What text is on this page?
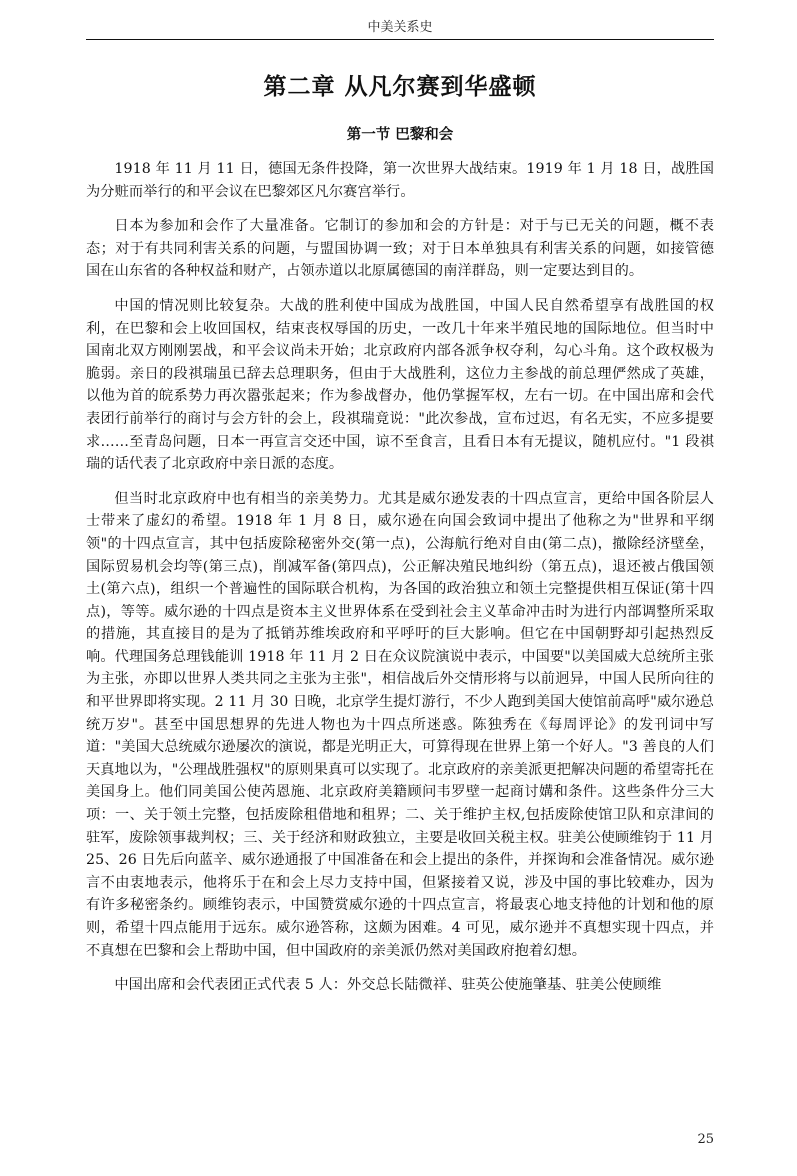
中美关系史
第二章 从凡尔赛到华盛顿
第一节 巴黎和会

1918 年 11 月 11 日，德国无条件投降，第一次世界大战结束。1919 年 1 月 18 日，战胜国为分赃而举行的和平会议在巴黎郊区凡尔赛宫举行。

日本为参加和会作了大量准备。它制订的参加和会的方针是：对于与已无关的问题，概不表态；对于有共同利害关系的问题，与盟国协调一致；对于日本单独具有利害关系的问题，如接管德国在山东省的各种权益和财产，占领赤道以北原属德国的南洋群岛，则一定要达到目的。

中国的情况则比较复杂。大战的胜利使中国成为战胜国，中国人民自然希望享有战胜国的权利，在巴黎和会上收回国权，结束丧权辱国的历史，一改几十年来半殖民地的国际地位。但当时中国南北双方刚刚罢战，和平会议尚未开始；北京政府内部各派争权夺利，勾心斗角。这个政权极为脆弱。亲日的段祺瑞虽已辞去总理职务，但由于大战胜利，这位力主参战的前总理俨然成了英雄，以他为首的皖系势力再次嚣张起来；作为参战督办，他仍掌握军权，左右一切。在中国出席和会代表团行前举行的商讨与会方针的会上，段祺瑞竟说："此次参战，宣布过迟，有名无实，不应多提要求……至青岛问题，日本一再宣言交还中国，谅不至食言，且看日本有无提议，随机应付。"1 段祺瑞的话代表了北京政府中亲日派的态度。

但当时北京政府中也有相当的亲美势力。尤其是威尔逊发表的十四点宣言，更给中国各阶层人士带来了虚幻的希望。1918 年 1 月 8 日，威尔逊在向国会致词中提出了他称之为"世界和平纲领"的十四点宣言，其中包括废除秘密外交(第一点)，公海航行绝对自由(第二点)，撤除经济壁垒，国际贸易机会均等(第三点)，削减军备(第四点)，公正解决殖民地纠纷（第五点)，退还被占俄国领土(第六点)，组织一个普遍性的国际联合机构，为各国的政治独立和领土完整提供相互保证(第十四点)，等等。威尔逊的十四点是资本主义世界体系在受到社会主义革命冲击时为进行内部调整所采取的措施，其直接目的是为了抵销苏维埃政府和平呼吁的巨大影响。但它在中国朝野却引起热烈反响。代理国务总理钱能训 1918 年 11 月 2 日在众议院演说中表示，中国要"以美国威大总统所主张为主张，亦即以世界人类共同之主张为主张"，相信战后外交情形将与以前迥异，中国人民所向往的和平世界即将实现。2 11 月 30 日晚，北京学生提灯游行，不少人跑到美国大使馆前高呼"威尔逊总统万岁"。甚至中国思想界的先进人物也为十四点所迷惑。陈独秀在《每周评论》的发刊词中写道："美国大总统威尔逊屡次的演说，都是光明正大，可算得现在世界上第一个好人。"3 善良的人们天真地以为，"公理战胜强权"的原则果真可以实现了。北京政府的亲美派更把解决问题的希望寄托在美国身上。他们同美国公使芮恩施、北京政府美籍顾问韦罗壁一起商讨媾和条件。这些条件分三大项：一、关于领土完整，包括废除租借地和租界；二、关于维护主权,包括废除使馆卫队和京津间的驻军，废除领事裁判权；三、关于经济和财政独立，主要是收回关税主权。驻美公使顾维钧于 11 月 25、26 日先后向蓝辛、威尔逊通报了中国准备在和会上提出的条件，并探询和会准备情况。威尔逊言不由衷地表示，他将乐于在和会上尽力支持中国，但紧接着又说，涉及中国的事比较难办，因为有许多秘密条约。顾维钧表示，中国赞赏威尔逊的十四点宣言，将最衷心地支持他的计划和他的原则，希望十四点能用于远东。威尔逊答称，这颇为困难。4 可见，威尔逊并不真想实现十四点，并不真想在巴黎和会上帮助中国，但中国政府的亲美派仍然对美国政府抱着幻想。

中国出席和会代表团正式代表 5 人：外交总长陆微祥、驻英公使施肇基、驻美公使顾维

25
